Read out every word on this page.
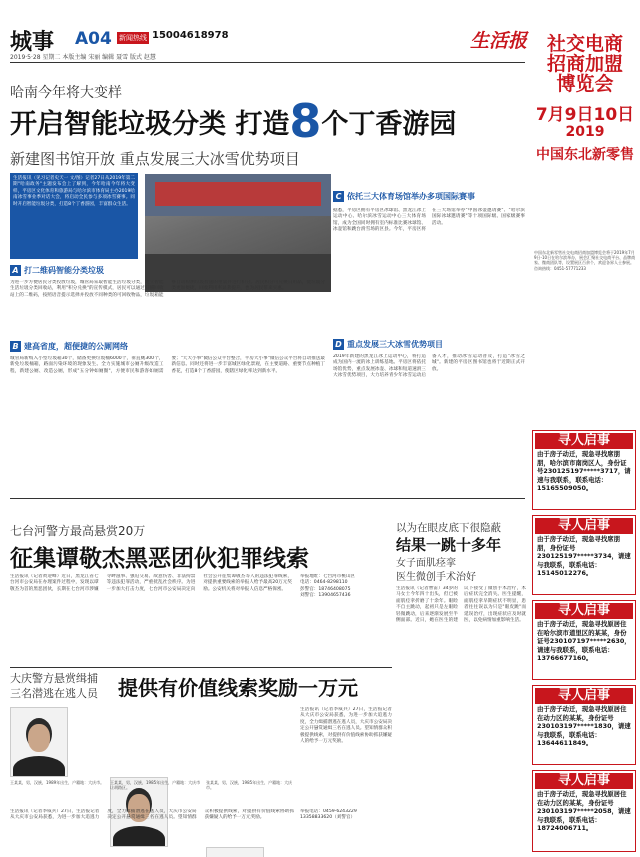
城事 A04 新闻热线 15004618978	生活报
2019·5·28 星期二 本版主编 宋丽 编辑 聂雪 版式 赵慧
哈南今年将大变样
开启智能垃圾分类 打造 8 个丁香游园
新建图书馆开放 重点发展三大冰雪优势项目
生活报讯（见习记者史天一 文/图）记者27日从2019年第二期"哈南政务"主题发布会上了解到，今年哈南今年将大变样，平房区文化体育和旅游局与哈尔滨市体育局主办2019哈南冰雪事业季对话大会，将启动全民参与多项冰雪赛事。同时开启智能垃圾分类，打造8个丁香游园，丰富群众生活。
A 打二维码智能分类垃圾
为进一步方便居民分类投放垃圾，城管局采取智能生活垃圾分类，建立智能生活垃圾分类回收站，利用"积分兑换"的宣传模式，居民可以通过扫描回收站上的二维码，按照语音提示选择并投放不同种类的可回收物品，垃圾箱能够自动检测垃圾投递的重量并进行积分。居民积分可兑换日用品，使垃圾分类更加便捷，回收利用率显著提升，也为居民带来实惠。
B 建高省度，超便捷的公厕网络
城管局新购入小型垃圾箱30个，储备更换垃圾桶6000个，垂直厕300个，新免垃圾桶箱，路面污染环境的现象发生。全力实施城市公厕升级改造工程，新建公厕、改造公厕，形成"五分钟如厕圈"，方便市民和游客如厕需要；"天大小事"微信公众平台整合，平房大小事"微信公众平台将自动推送最新信息。同时还将进一步丰富城区绿化景观，在主要道路、重要节点种植丁香花，打造8个丁香游园，使辖区绿化率达到新水平。
C 依托三大体育场馆举办多项国际赛事
据悉，平房区拥有平房区冰球馆、黑龙江冰上运动中心、哈尔滨冰雪运动中心三大体育场馆，成为全国同时拥有室内标准比赛冰球馆、冰壶馆和跳台滑雪场的区县。今年，平房区将在三大场馆举办"中国冰壶邀请赛"、"哈尔滨国际冰球邀请赛"等十项国际级、国家级赛事活动。
D 重点发展三大冰雪优势项目
2019年新建的黑龙江冰上运动中心，将打造成为国内一流的冰上训练基地。平房区将依托场馆优势，重点发展冰壶、冰球和短道速滑三大冰雪优势项目，大力培养青少年冰雪运动后备人才，推动冰雪运动普及，打造"冰雪之城"。新建的平房区图书馆也将于近期正式开放。
七台河警方最高悬赏20万
征集谭敬杰黑恶团伙犯罪线索
生活报讯（记者黄迎峰）近日，黑龙江省七台河市公安局在办理案件过程中，发现以谭敬杰为首的黑恶团伙，长期在七台河市涉嫌寻衅滋事、强迫交易、故意伤害、非法拘禁等违法犯罪活动，严重扰乱社会秩序。为进一步加大打击力度，七台河市公安局决定向社会公开征集谭敬杰等人的违法犯罪线索，对提供重要线索的举报人给予最高20万元奖励。公安机关将对举报人信息严格保密。
举报地址：七台河市桃山区
电话：0464-8298110
彭警官：18746408075
刘警官：13904657436
以为在眼皮底下很隐蔽
结果一跳十多年
女子面肌痉挛
医生微创手术治好
生活报讯（记者曹雷）34岁的马女士今年四十出头，但已被面肌痉挛折磨了十余年。眼睑不自主跳动，起初只是左眼睑轻微跳动，后来逐渐发展至半侧面部。近日，她在医生的建议下接受了微创手术治疗，术后症状完全消失。医生提醒，面肌痉挛早期症状不明显，患者往往误以为只是"眼皮跳"而延误治疗，出现症状应及时就医，以免病情加重影响生活。
大庆警方悬赏缉捕
三名潜逃在逃人员 提供有价值线索奖励一万元
王某某，男，汉族，1989年出生，户籍地：大庆市。	王某某，男，汉族，1985年出生，户籍地：大庆市让胡路区。
张某某，男，汉族，1985年出生，户籍地：大庆市。
生活报讯（记者李威兵）27日，生活报记者从大庆市公安局获悉，为进一步加大追逃力度，全力缉捕潜逃在逃人员，大庆市公安局决定公开悬赏通缉三名在逃人员。望知情群众积极提供线索，对提供有价值线索协助抓获嫌疑人的给予一万元奖励。
举报电话：0459-6243229
13358833620（刘警官）
生活报讯（记者李威兵）27日，生活报记者从大庆市公安局获悉，为进一步加大追逃力度，全力缉捕潜逃在逃人员，大庆市公安局决定公开悬赏通缉三名在逃人员。望知情群众积极提供线索，对提供有价值线索协助抓获嫌疑人的给予一万元奖励。
社交电商
招商加盟
博览会
7月9日10日
2019
中国东北新零售
中国东北新零售社交电商招商加盟博览会将于2019年7月9日-10日在哈尔滨举办，展会汇聚社交电商平台、品牌商家、微商团队等，设置展区百余个，欢迎各界人士参展。咨询热线：0451-57771233
寻人启事
由于房子动迁，现急寻找席朋朋，哈尔滨市南岗区人，身份证号230125197*****3717，请速与我联系，联系电话：15165509050。
寻人启事
由于房子动迁，现急寻找席朋朋，身份证号230125197*****3734，请速与我联系，联系电话：15145012276。
寻人启事
由于房子动迁，现急寻找原居住在哈尔滨市道里区的某某，身份证号230107197*****2630，请速与我联系，联系电话：13766677160。
寻人启事
由于房子动迁，现急寻找原居住在动力区的某某，身份证号230103197*****1830，请速与我联系，联系电话：13644611849。
寻人启事
由于房子动迁，现急寻找原居住在动力区的某某，身份证号230103197*****2058，请速与我联系，联系电话：18724006711。
